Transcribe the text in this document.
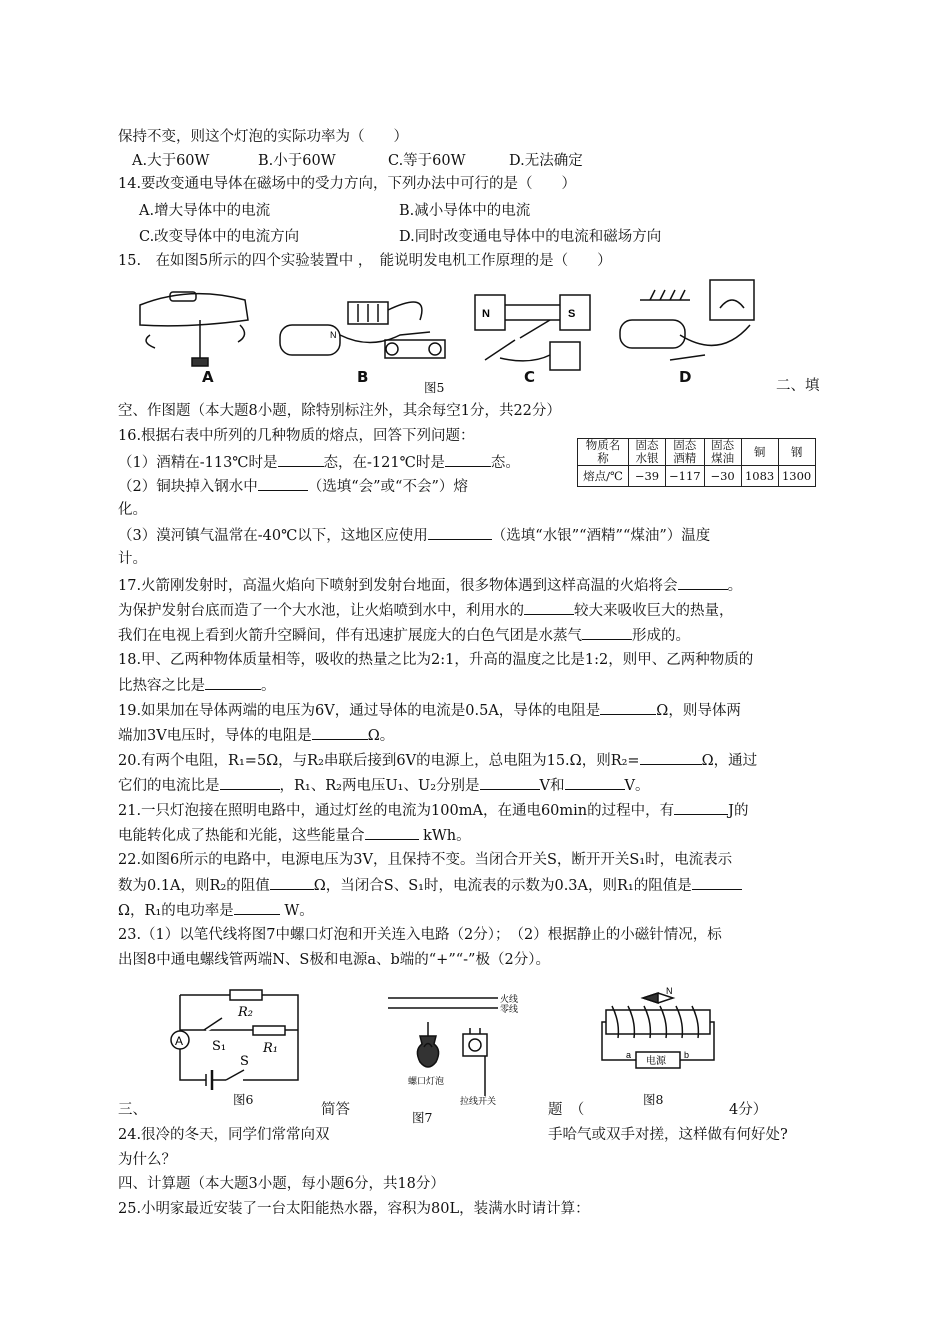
保持不变，则这个灯泡的实际功率为（　　）
A.大于60W	B.小于60W	C.等于60W	D.无法确定
14.要改变通电导体在磁场中的受力方向，下列办法中可行的是（　　）
A.增大导体中的电流	B.减小导体中的电流
C.改变导体中的电流方向	D.同时改变通电导体中的电流和磁场方向
15.　在如图5所示的四个实验装置中 ，　能说明发电机工作原理的是（　　）
N
N	S
A	B	C	D
图5	二、填
空、作图题（本大题8小题，除特别标注外，其余每空1分，共22分）
16.根据右表中所列的几种物质的熔点，回答下列问题：
（1）酒精在-113℃时是	态，在-121℃时是	态。
（2）铜块掉入钢水中	（选填“会”或“不会”）熔
化。
（3）漠河镇气温常在-40℃以下，这地区应使用	（选填“水银”“酒精”“煤油”）温度
计。
物质名称	固态水银	固态酒精	固态煤油	铜	钢
熔点/℃	−39	−117	−30	1083	1300
17.火箭刚发射时，高温火焰向下喷射到发射台地面，很多物体遇到这样高温的火焰将会	。
为保护发射台底而造了一个大水池，让火焰喷到水中，利用水的	较大来吸收巨大的热量，
我们在电视上看到火箭升空瞬间，伴有迅速扩展庞大的白色气团是水蒸气	形成的。
18.甲、乙两种物体质量相等，吸收的热量之比为2:1，升高的温度之比是1:2，则甲、乙两种物质的
比热容之比是	。
19.如果加在导体两端的电压为6V，通过导体的电流是0.5A，导体的电阻是	Ω，则导体两
端加3V电压时，导体的电阻是	Ω。
20.有两个电阻，R₁=5Ω，与R₂串联后接到6V的电源上，总电阻为15.Ω，则R₂=	Ω，通过
它们的电流比是	，R₁、R₂两电压U₁、U₂分别是	V和	V。
21.一只灯泡接在照明电路中，通过灯丝的电流为100mA，在通电60min的过程中，有	J的
电能转化成了热能和光能，这些能量合	kWh。
22.如图6所示的电路中，电源电压为3V，且保持不变。当闭合开关S，断开开关S₁时，电流表示
数为0.1A，则R₂的阻值	Ω，当闭合S、S₁时，电流表的示数为0.3A，则R₁的阻值是
Ω，R₁的电功率是	W。
23.（1）以笔代线将图7中螺口灯泡和开关连入电路（2分）；　（2）根据静止的小磁针情况，标
出图8中通电螺线管两端N、S极和电源a、b端的“+”“-”极（2分）。
A
R₂
R₁
S₁
S
图6
火线
零线
螺口灯泡
拉线开关
图7
N
a	b
电源
图8
三、	简答	题　（	4分）
24.很冷的冬天，同学们常常向双	手哈气或双手对搓，这样做有何好处?
为什么？
四、计算题（本大题3小题，每小题6分，共18分）
25.小明家最近安装了一台太阳能热水器，容积为80L，装满水时请计算：
